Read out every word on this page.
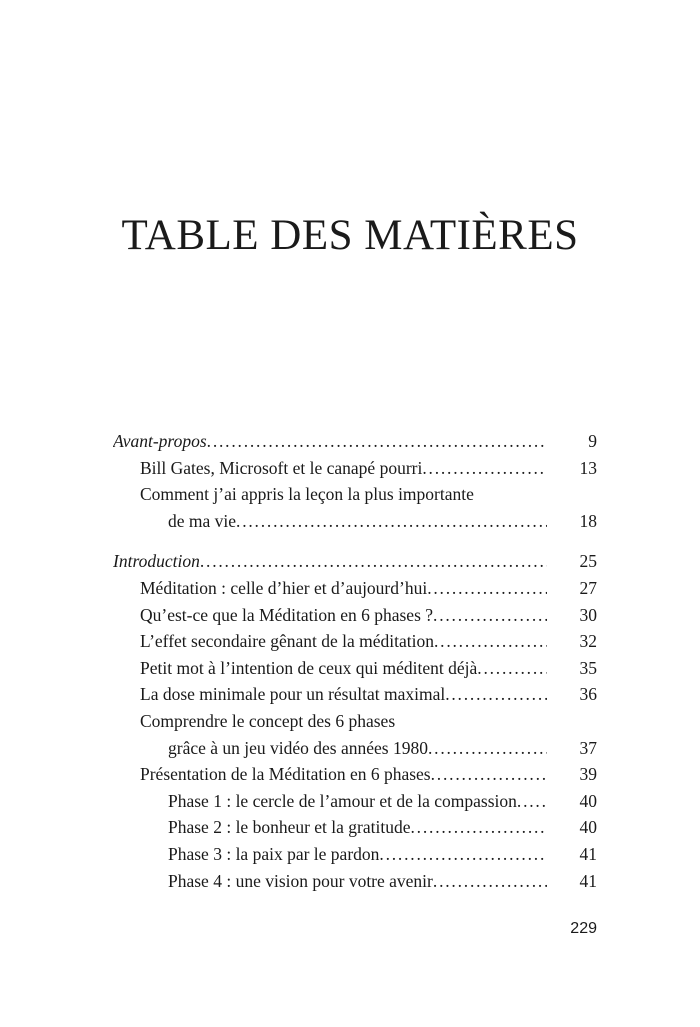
TABLE DES MATIÈRES
Avant-propos .....	9
Bill Gates, Microsoft et le canapé pourri .....	13
Comment j’ai appris la leçon la plus importante
de ma vie .....	18
Introduction .....	25
Méditation : celle d’hier et d’aujourd’hui .....	27
Qu’est-ce que la Méditation en 6 phases ? .....	30
L’effet secondaire gênant de la méditation .....	32
Petit mot à l’intention de ceux qui méditent déjà .....	35
La dose minimale pour un résultat maximal .....	36
Comprendre le concept des 6 phases
grâce à un jeu vidéo des années 1980 .....	37
Présentation de la Méditation en 6 phases .....	39
Phase 1 : le cercle de l’amour et de la compassion .....	40
Phase 2 : le bonheur et la gratitude .....	40
Phase 3 : la paix par le pardon .....	41
Phase 4 : une vision pour votre avenir .....	41
229
